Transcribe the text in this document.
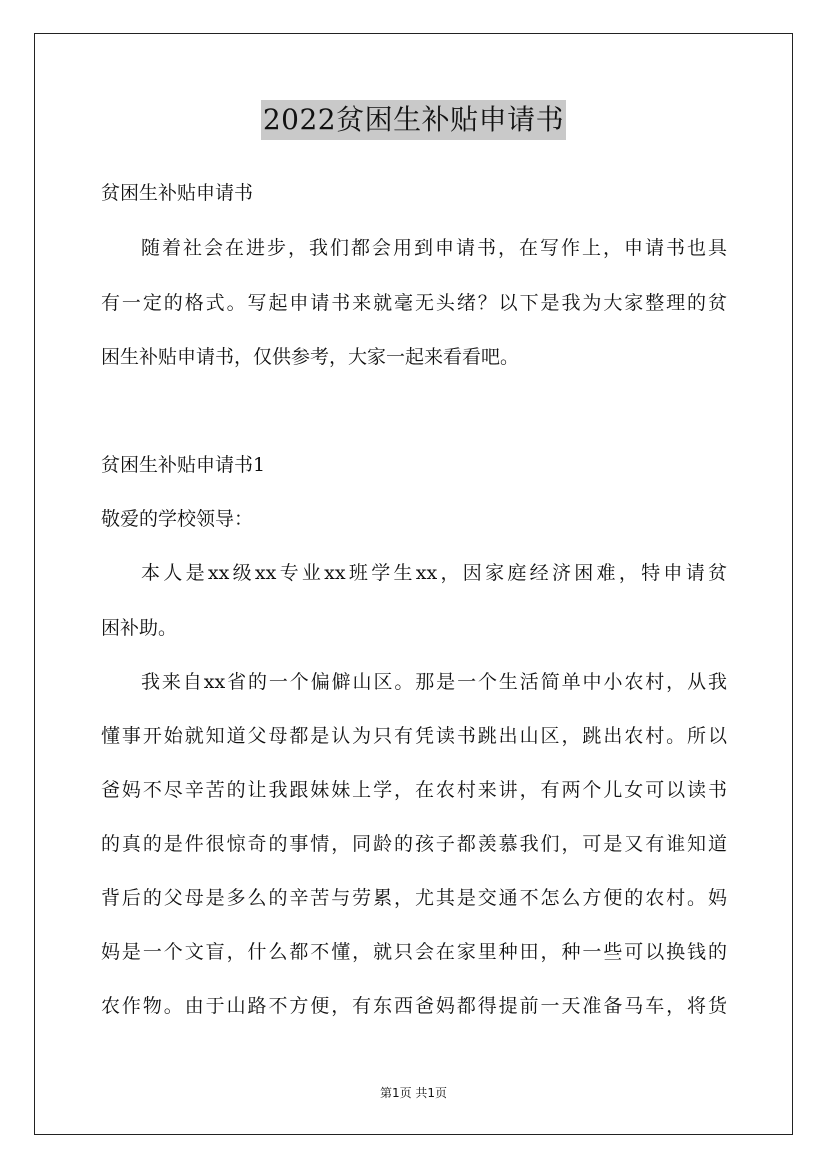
2022贫困生补贴申请书
贫困生补贴申请书
随着社会在进步，我们都会用到申请书，在写作上，申请书也具
有一定的格式。写起申请书来就毫无头绪？以下是我为大家整理的贫
困生补贴申请书，仅供参考，大家一起来看看吧。
贫困生补贴申请书1
敬爱的学校领导：
本人是xx级xx专业xx班学生xx，因家庭经济困难，特申请贫
困补助。
我来自xx省的一个偏僻山区。那是一个生活简单中小农村，从我
懂事开始就知道父母都是认为只有凭读书跳出山区，跳出农村。所以
爸妈不尽辛苦的让我跟妹妹上学，在农村来讲，有两个儿女可以读书
的真的是件很惊奇的事情，同龄的孩子都羡慕我们，可是又有谁知道
背后的父母是多么的辛苦与劳累，尤其是交通不怎么方便的农村。妈
妈是一个文盲，什么都不懂，就只会在家里种田，种一些可以换钱的
农作物。由于山路不方便，有东西爸妈都得提前一天准备马车，将货
第1页 共1页
